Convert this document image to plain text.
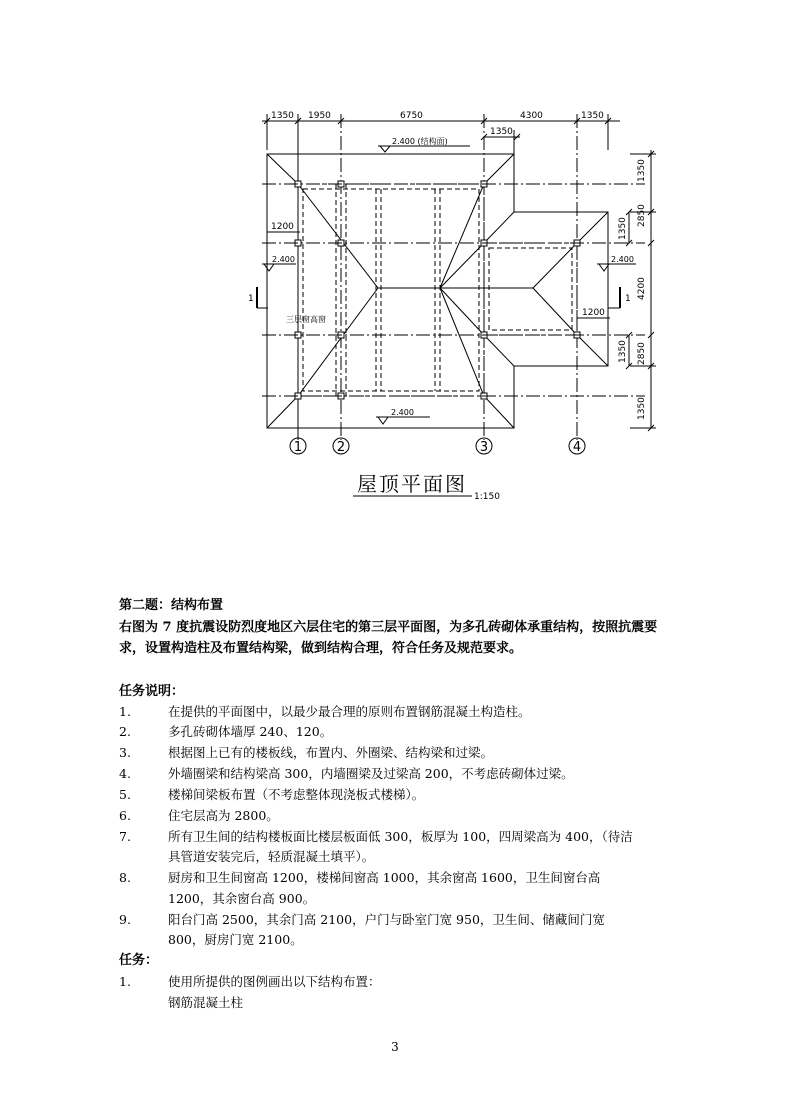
1350 1950	6750	4300	1350
1350
2.400 (结构面)
1350
2850
4200
2850
1350
1350
1350
1200
2.400
三层窗高窗
1
2.400
1
1200
2.400
1	2	3	4
屋顶平面图
1:150
第二题：结构布置
右图为 7 度抗震设防烈度地区六层住宅的第三层平面图，为多孔砖砌体承重结构，按照抗震要求，设置构造柱及布置结构梁，做到结构合理，符合任务及规范要求。
任务说明：
1.	在提供的平面图中，以最少最合理的原则布置钢筋混凝土构造柱。
2.	多孔砖砌体墙厚 240、120。
3.	根据图上已有的楼板线，布置内、外圈梁、结构梁和过梁。
4.	外墙圈梁和结构梁高 300，内墙圈梁及过梁高 200，不考虑砖砌体过梁。
5.	楼梯间梁板布置（不考虑整体现浇板式楼梯）。
6.	住宅层高为 2800。
7.	所有卫生间的结构楼板面比楼层板面低 300，板厚为 100，四周梁高为 400，（待洁
具管道安装完后，轻质混凝土填平）。
8.	厨房和卫生间窗高 1200，楼梯间窗高 1000，其余窗高 1600，卫生间窗台高
1200，其余窗台高 900。
9.	阳台门高 2500，其余门高 2100，户门与卧室门宽 950，卫生间、储藏间门宽
800，厨房门宽 2100。
任务：
1.	使用所提供的图例画出以下结构布置：
钢筋混凝土柱
3
